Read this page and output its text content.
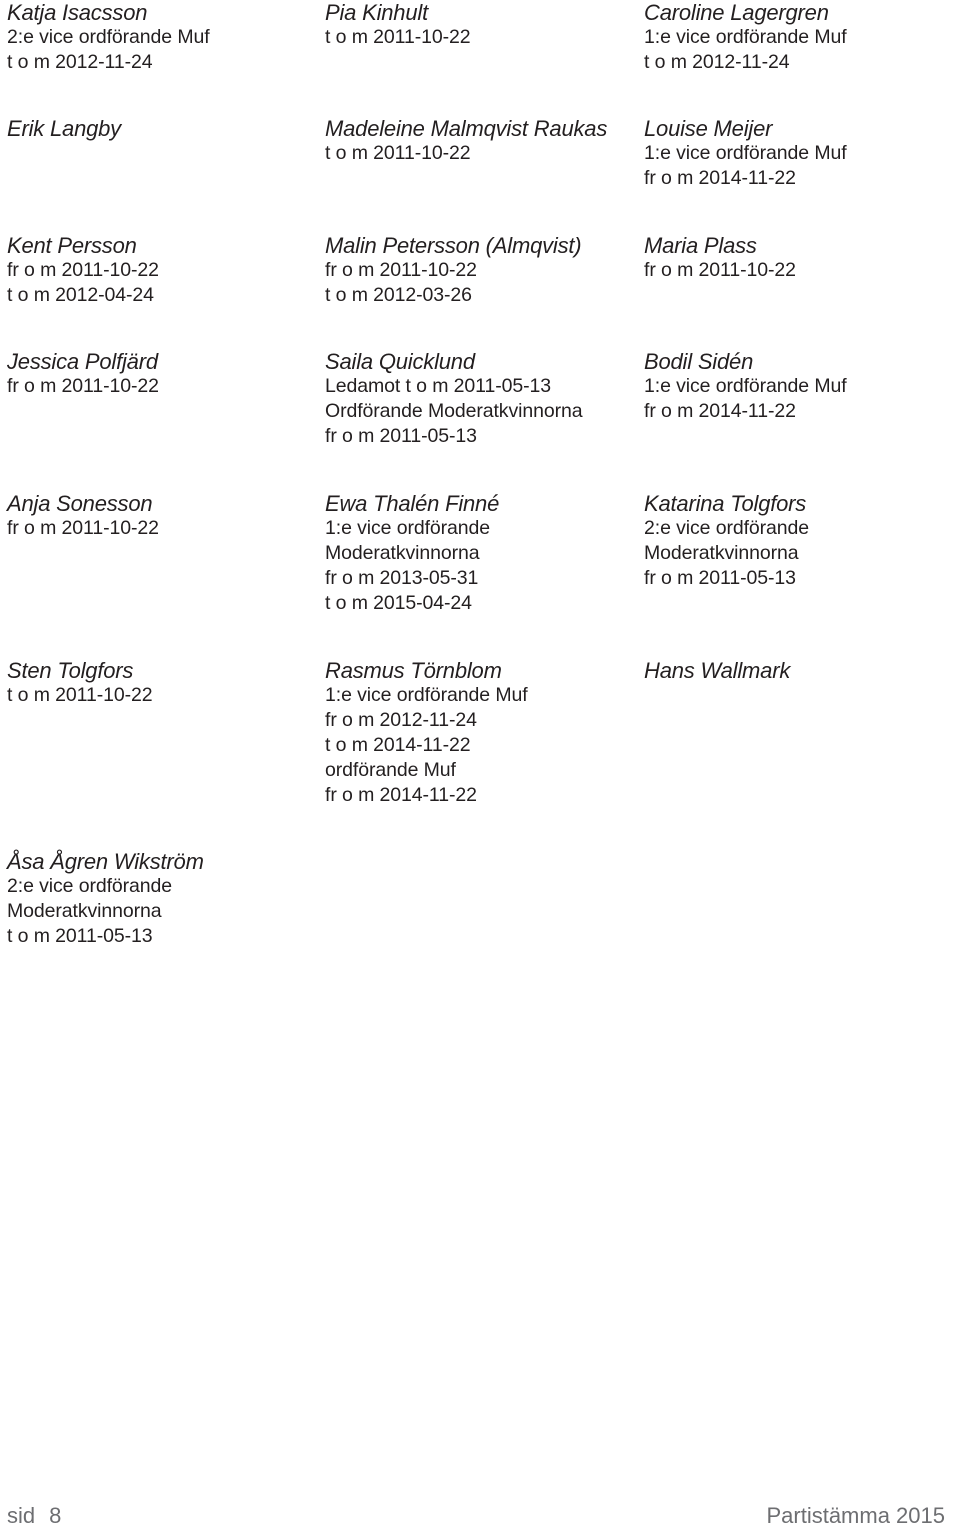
Katja Isacsson
2:e vice ordförande Muf
t o m 2012-11-24
Pia Kinhult
t o m 2011-10-22
Caroline Lagergren
1:e vice ordförande Muf
t o m 2012-11-24
Erik Langby	Madeleine Malmqvist Raukas
t o m 2011-10-22
Louise Meijer
1:e vice ordförande Muf
fr o m 2014-11-22
Kent Persson
fr o m 2011-10-22
t o m 2012-04-24
Malin Petersson (Almqvist)
fr o m 2011-10-22
t o m 2012-03-26
Maria Plass
fr o m 2011-10-22
Jessica Polfjärd
fr o m 2011-10-22
Saila Quicklund
Ledamot t o m 2011-05-13
Ordförande Moderatkvinnorna
fr o m 2011-05-13
Bodil Sidén
1:e vice ordförande Muf
fr o m 2014-11-22
Anja Sonesson
fr o m 2011-10-22
Ewa Thalén Finné
1:e vice ordförande
Moderatkvinnorna
fr o m 2013-05-31
t o m 2015-04-24
Katarina Tolgfors
2:e vice ordförande
Moderatkvinnorna
fr o m 2011-05-13
Sten Tolgfors
t o m 2011-10-22
Rasmus Törnblom
1:e vice ordförande Muf
fr o m 2012-11-24
t o m 2014-11-22
ordförande Muf
fr o m 2014-11-22
Hans Wallmark
Åsa Ågren Wikström
2:e vice ordförande
Moderatkvinnorna
t o m 2011-05-13
sid 8	Partistämma 2015
